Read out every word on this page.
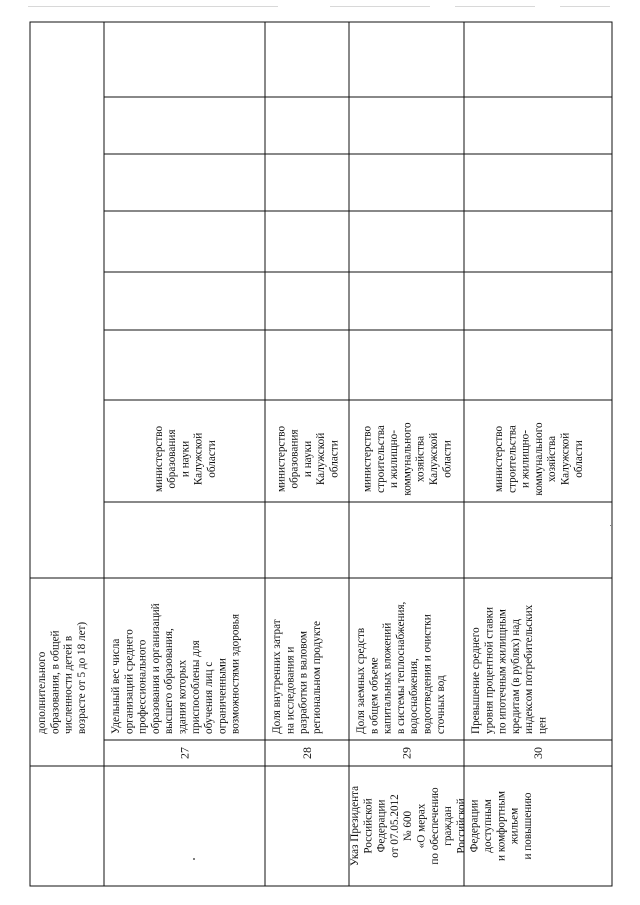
дополнительного образования, в общей численности детей в возрасте от 5 до 18 лет)
27
Удельный вес числа организаций среднего профессионального образования и организаций высшего образования, здания которых приспособлены для обучения лиц с ограниченными возможностями здоровья
министерство образования и науки Калужской области
28
Доля внутренних затрат на исследования и разработки в валовом региональном продукте
министерство образования и науки Калужской области
29
Доля заемных средств в общем объеме капитальных вложений в системы теплоснабжения, водоснабжения, водоотведения и очистки сточных вод
министерство строительства и жилищно- коммунального хозяйства Калужской области
Указ Президента Российской Федерации от 07.05.2012 № 600 «О мерах по обеспечению граждан Российской Федерации доступным и комфортным жильем и повышению
30
Превышение среднего уровня процентной ставки по ипотечным жилищным кредитам (в рублях) над индексом потребительских цен
министерство строительства и жилищно- коммунального хозяйства Калужской области
